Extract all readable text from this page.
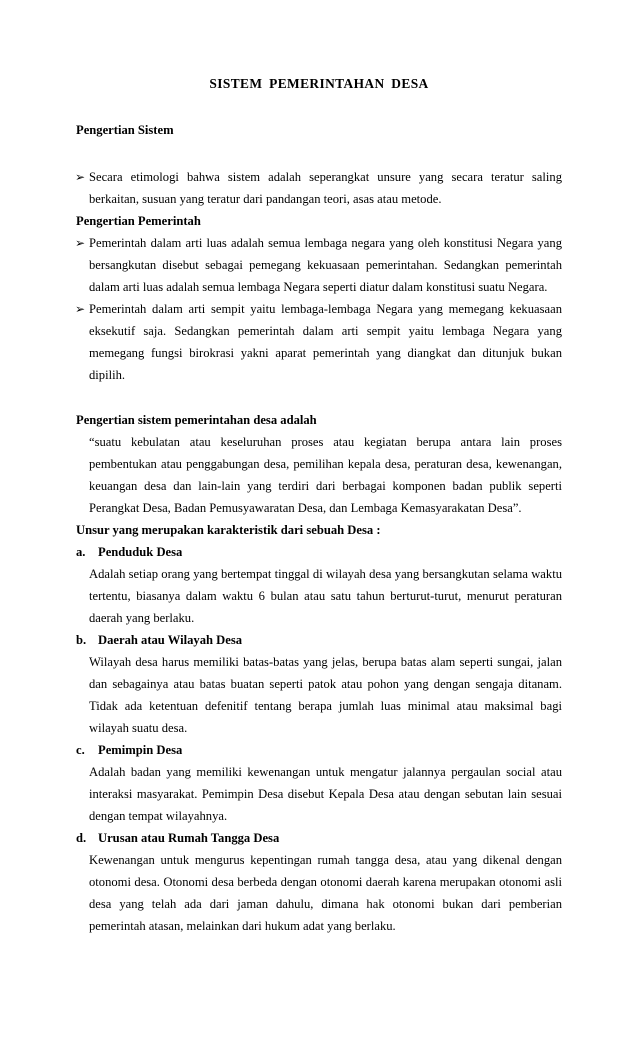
SISTEM PEMERINTAHAN DESA

Pengertian Sistem

➢ Secara etimologi bahwa sistem adalah seperangkat unsure yang secara teratur saling berkaitan, susuan yang teratur dari pandangan teori, asas atau metode.

Pengertian Pemerintah

➢ Pemerintah dalam arti luas adalah semua lembaga negara yang oleh konstitusi Negara yang bersangkutan disebut sebagai pemegang kekuasaan pemerintahan. Sedangkan pemerintah dalam arti luas adalah semua lembaga Negara seperti diatur dalam konstitusi suatu Negara.

➢ Pemerintah dalam arti sempit yaitu lembaga-lembaga Negara yang memegang kekuasaan eksekutif saja. Sedangkan pemerintah dalam arti sempit yaitu lembaga Negara yang memegang fungsi birokrasi yakni aparat pemerintah yang diangkat dan ditunjuk bukan dipilih.

Pengertian sistem pemerintahan desa adalah

“suatu kebulatan atau keseluruhan proses atau kegiatan berupa antara lain proses pembentukan atau penggabungan desa, pemilihan kepala desa, peraturan desa, kewenangan, keuangan desa dan lain-lain yang terdiri dari berbagai komponen badan publik seperti Perangkat Desa, Badan Pemusyawaratan Desa, dan Lembaga Kemasyarakatan Desa”.

Unsur yang merupakan karakteristik dari sebuah Desa :

a. Penduduk Desa

Adalah setiap orang yang bertempat tinggal di wilayah desa yang bersangkutan selama waktu tertentu, biasanya dalam waktu 6 bulan atau satu tahun berturut-turut, menurut peraturan daerah yang berlaku.

b. Daerah atau Wilayah Desa

Wilayah desa harus memiliki batas-batas yang jelas, berupa batas alam seperti sungai, jalan dan sebagainya atau batas buatan seperti patok atau pohon yang dengan sengaja ditanam. Tidak ada ketentuan defenitif tentang berapa jumlah luas minimal atau maksimal bagi wilayah suatu desa.

c.	Pemimpin Desa

Adalah badan yang memiliki kewenangan untuk mengatur jalannya pergaulan social atau interaksi masyarakat. Pemimpin Desa disebut Kepala Desa atau dengan sebutan lain sesuai dengan tempat wilayahnya.

d. Urusan atau Rumah Tangga Desa

Kewenangan untuk mengurus kepentingan rumah tangga desa, atau yang dikenal dengan otonomi desa. Otonomi desa berbeda dengan otonomi daerah karena merupakan otonomi asli desa yang telah ada dari jaman dahulu, dimana hak otonomi bukan dari pemberian pemerintah atasan, melainkan dari hukum adat yang berlaku.
